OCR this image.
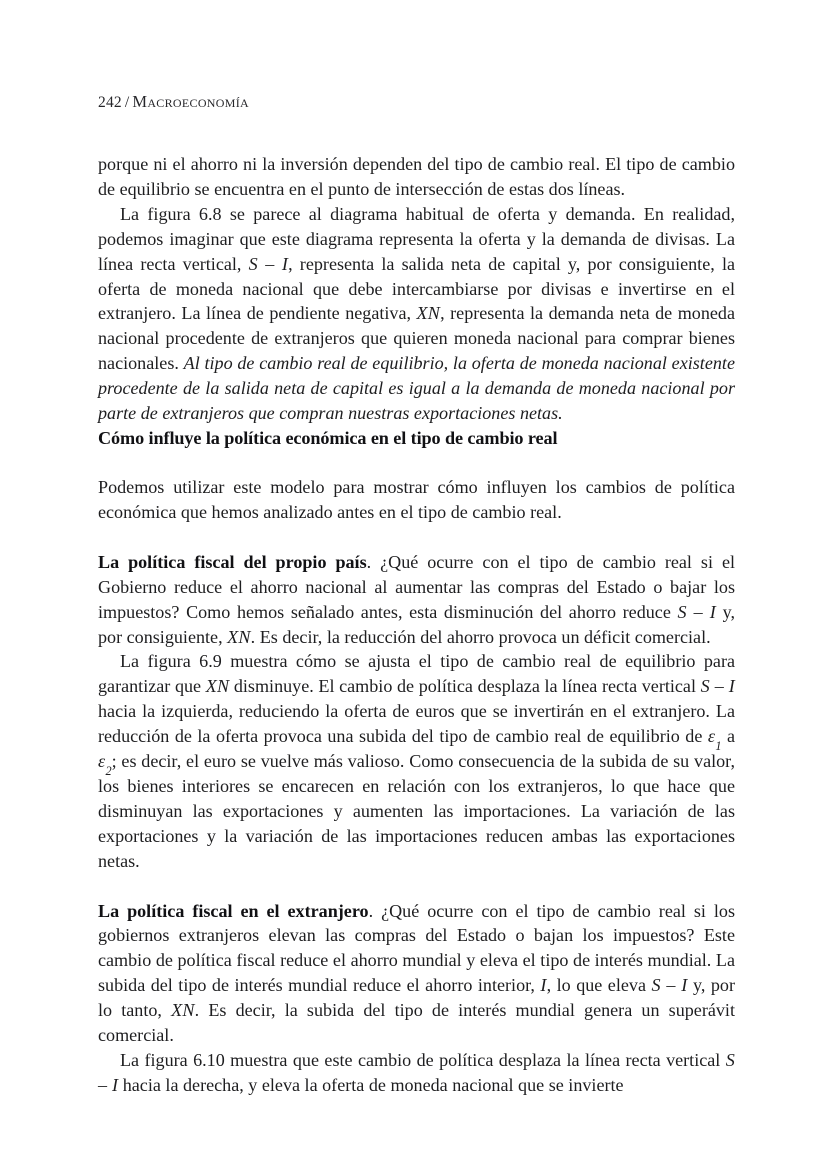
242 / Macroeconomía

porque ni el ahorro ni la inversión dependen del tipo de cambio real. El tipo de cambio de equilibrio se encuentra en el punto de intersección de estas dos líneas.

La figura 6.8 se parece al diagrama habitual de oferta y demanda. En realidad, podemos imaginar que este diagrama representa la oferta y la demanda de divisas. La línea recta vertical, S – I, representa la salida neta de capital y, por consiguiente, la oferta de moneda nacional que debe intercambiarse por divisas e invertirse en el extranjero. La línea de pendiente negativa, XN, representa la demanda neta de moneda nacional procedente de extranjeros que quieren moneda nacional para comprar bienes nacionales. Al tipo de cambio real de equilibrio, la oferta de moneda nacional existente procedente de la salida neta de capital es igual a la demanda de moneda nacional por parte de extranjeros que compran nuestras exportaciones netas.

Cómo influye la política económica en el tipo de cambio real

Podemos utilizar este modelo para mostrar cómo influyen los cambios de política económica que hemos analizado antes en el tipo de cambio real.

La política fiscal del propio país. ¿Qué ocurre con el tipo de cambio real si el Gobierno reduce el ahorro nacional al aumentar las compras del Estado o bajar los impuestos? Como hemos señalado antes, esta disminución del ahorro reduce S – I y, por consiguiente, XN. Es decir, la reducción del ahorro provoca un déficit comercial.

La figura 6.9 muestra cómo se ajusta el tipo de cambio real de equilibrio para garantizar que XN disminuye. El cambio de política desplaza la línea recta vertical S – I hacia la izquierda, reduciendo la oferta de euros que se invertirán en el extranjero. La reducción de la oferta provoca una subida del tipo de cambio real de equilibrio de $\varepsilon_1$ a $\varepsilon_2$; es decir, el euro se vuelve más valioso. Como consecuencia de la subida de su valor, los bienes interiores se encarecen en relación con los extranjeros, lo que hace que disminuyan las exportaciones y aumenten las importaciones. La variación de las exportaciones y la variación de las importaciones reducen ambas las exportaciones netas.

La política fiscal en el extranjero. ¿Qué ocurre con el tipo de cambio real si los gobiernos extranjeros elevan las compras del Estado o bajan los impuestos? Este cambio de política fiscal reduce el ahorro mundial y eleva el tipo de interés mundial. La subida del tipo de interés mundial reduce el ahorro interior, I, lo que eleva S – I y, por lo tanto, XN. Es decir, la subida del tipo de interés mundial genera un superávit comercial.

La figura 6.10 muestra que este cambio de política desplaza la línea recta vertical S – I hacia la derecha, y eleva la oferta de moneda nacional que se invierte
